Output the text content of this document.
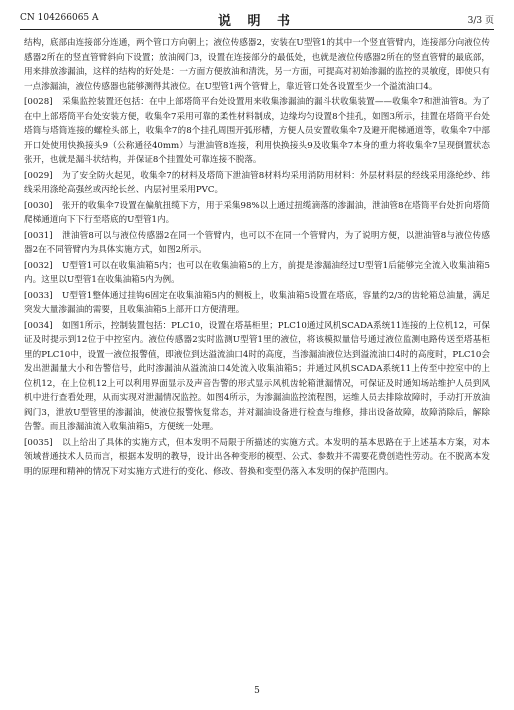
CN 104266065 A	说 明 书	3/3 页

结构，底部由连接部分连通，两个管口方向朝上；液位传感器2，安装在U型管1的其中一个竖直管臂内，连接部分向液位传感器2所在的竖直管臂斜向下设置；放油阀门3，设置在连接部分的最低处，也就是液位传感器2所在的竖直管臂的最底部，用来排放渗漏油，这样的结构的好处是：一方面方便放油和清洗，另一方面，可提高对初始渗漏的监控的灵敏度，即使只有一点渗漏油，液位传感器也能够测得其液位。在U型管1两个管臂上，靠近管口处各设置至少一个溢流油口4。

[0028] 采集监控装置还包括：在中上部塔筒平台处设置用来收集渗漏油的漏斗状收集装置——收集伞7和泄油管8。为了在中上部塔筒平台处安装方便，收集伞7采用可靠的柔性材料制成，边缘均匀设置8个挂孔，如图3所示，挂置在塔筒平台处塔筒与塔筒连接的螺栓头部上，收集伞7的8个挂孔周围开弧形槽，方便人员安置收集伞7及避开爬梯通道等，收集伞7中部开口处使用快换接头9（公称通径40mm）与泄油管8连接，利用快换接头9及收集伞7本身的重力将收集伞7呈现倒置状态张开，也就是漏斗状结构，并保证8个挂置处可靠连接不脱落。

[0029] 为了安全防火起见，收集伞7的材料及塔筒下泄油管8材料均采用消防用材料：外层材料层的经线采用涤纶纱、纬线采用涤纶高强丝或丙纶长丝、内层衬里采用PVC。

[0030] 张开的收集伞7设置在偏航扭缆下方，用于采集98%以上通过扭缆滴落的渗漏油，泄油管8在塔筒平台处折向塔筒爬梯通道向下下行至塔底的U型管1内。

[0031] 泄油管8可以与液位传感器2在同一个管臂内，也可以不在同一个管臂内，为了说明方便，以泄油管8与液位传感器2在不同管臂内为具体实施方式，如图2所示。

[0032] U型管1可以在收集油箱5内；也可以在收集油箱5的上方，前提是渗漏油经过U型管1后能够完全流入收集油箱5内。这里以U型管1在收集油箱5内为例。

[0033] U型管1整体通过挂钩6固定在收集油箱5内的侧板上，收集油箱5设置在塔底，容量约2/3的齿轮箱总油量，满足突发大量渗漏油的需要，且收集油箱5上部开口方便清理。

[0034] 如图1所示，控制装置包括：PLC10，设置在塔基柜里；PLC10通过风机SCADA系统11连接的上位机12，可保证及时提示到12位于中控室内。液位传感器2实时监测U型管1里的液位，将该模拟量信号通过液位监测电路传送至塔基柜里的PLC10中，设置一液位报警值，即液位到达溢流油口4时的高度，当渗漏油液位达到溢流油口4时的高度时，PLC10会发出泄漏量大小和告警信号，此时渗漏油从溢流油口4处流入收集油箱5；并通过风机SCADA系统11上传至中控室中的上位机12，在上位机12上可以利用界面显示及声音告警的形式显示风机齿轮箱泄漏情况，可保证及时通知场站维护人员到风机中进行查看处理，从而实现对泄漏情况监控。如图4所示，为渗漏油监控流程图，运维人员去排除故障时，手动打开放油阀门3，泄放U型管里的渗漏油，使液位报警恢复常态，并对漏油设备进行检查与维修，排出设备故障，故障消除后，解除告警。而且渗漏油流入收集油箱5，方便统一处理。

[0035] 以上给出了具体的实施方式，但本发明不局限于所描述的实施方式。本发明的基本思路在于上述基本方案，对本领域普通技术人员而言，根据本发明的教导，设计出各种变形的模型、公式、参数并不需要花费创造性劳动。在不脱离本发明的原理和精神的情况下对实施方式进行的变化、修改、替换和变型仍落入本发明的保护范围内。

5
